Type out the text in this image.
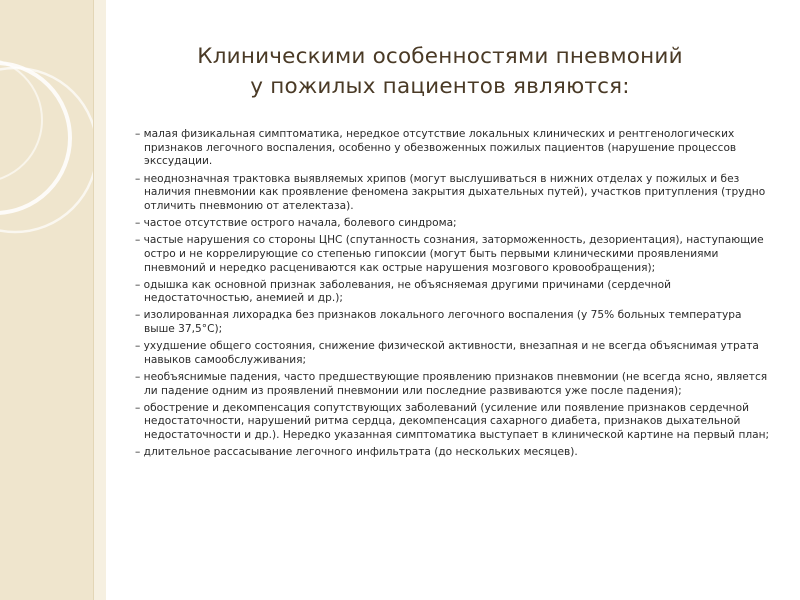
Клиническими особенностями пневмоний
у пожилых пациентов являются:

– малая физикальная симптоматика, нередкое отсутствие локальных клинических и рентгенологических признаков легочного воспаления, особенно у обезвоженных пожилых пациентов (нарушение процессов экссудации.

– неоднозначная трактовка выявляемых хрипов (могут выслушиваться в нижних отделах у пожилых и без наличия пневмонии как проявление феномена закрытия дыхательных путей), участков притупления (трудно отличить пневмонию от ателектаза).

– частое отсутствие острого начала, болевого синдрома;

– частые нарушения со стороны ЦНС (спутанность сознания, заторможенность, дезориентация), наступающие остро и не коррелирующие со степенью гипоксии (могут быть первыми клиническими проявлениями пневмоний и нередко расцениваются как острые нарушения мозгового кровообращения);

– одышка как основной признак заболевания, не объясняемая другими причинами (сердечной недостаточностью, анемией и др.);

– изолированная лихорадка без признаков локального легочного воспаления (у 75% больных температура выше 37,5°С);

– ухудшение общего состояния, снижение физической активности, внезапная и не всегда объяснимая утрата навыков самообслуживания;

– необъяснимые падения, часто предшествующие проявлению признаков пневмонии (не всегда ясно, является ли падение одним из проявлений пневмонии или последние развиваются уже после падения);

– обострение и декомпенсация сопутствующих заболеваний (усиление или появление признаков сердечной недостаточности, нарушений ритма сердца, декомпенсация сахарного диабета, признаков дыхательной недостаточности и др.). Нередко указанная симптоматика выступает в клинической картине на первый план;

– длительное рассасывание легочного инфильтрата (до нескольких месяцев).
